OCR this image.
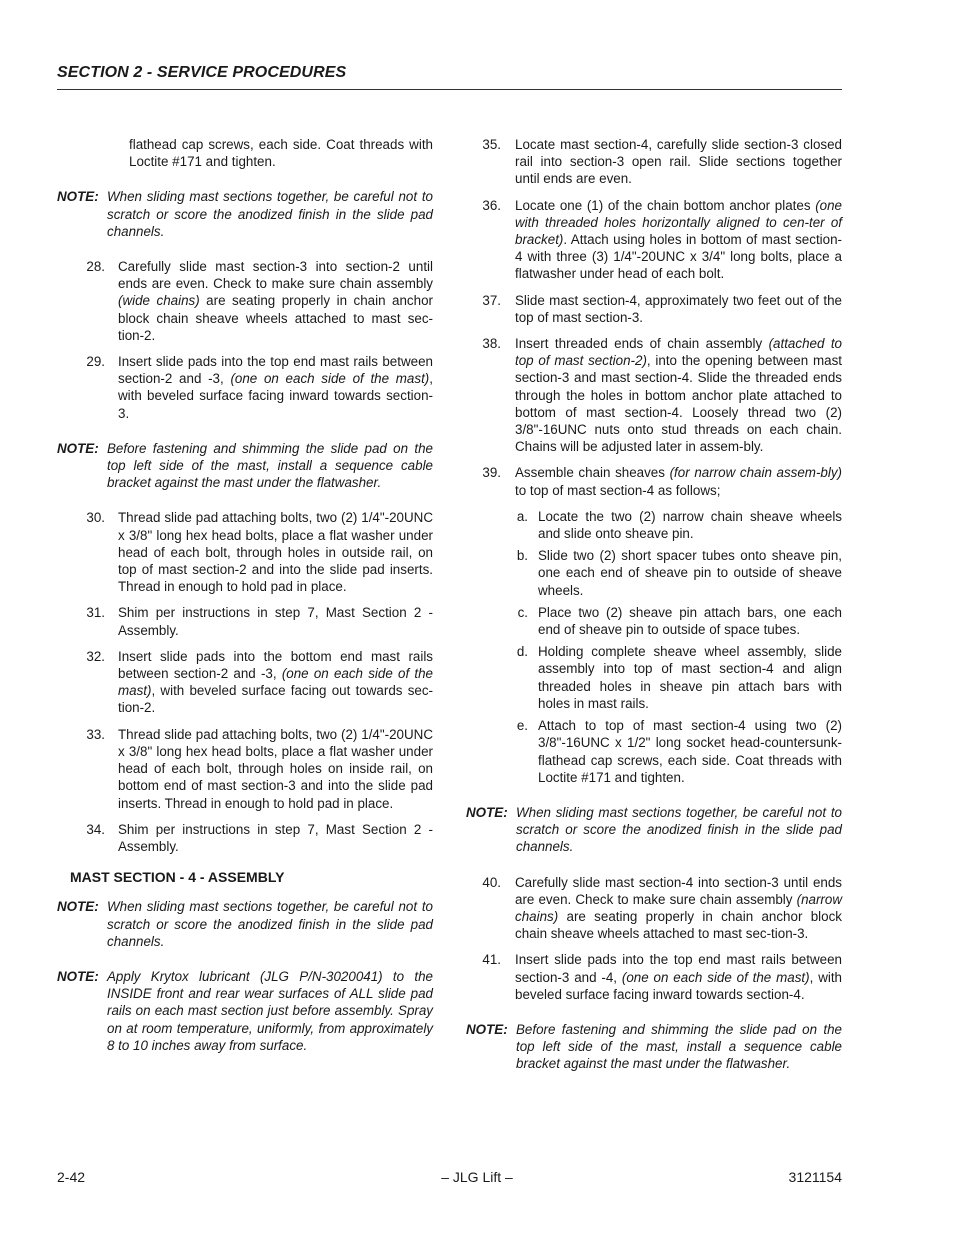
SECTION 2 - SERVICE PROCEDURES

flathead cap screws, each side. Coat threads with Loctite #171 and tighten.

NOTE: When sliding mast sections together, be careful not to scratch or score the anodized finish in the slide pad channels.
28. Carefully slide mast section-3 into section-2 until ends are even. Check to make sure chain assembly (wide chains) are seating properly in chain anchor block chain sheave wheels attached to mast sec-tion-2.
29. Insert slide pads into the top end mast rails between section-2 and -3, (one on each side of the mast), with beveled surface facing inward towards section-3.
NOTE: Before fastening and shimming the slide pad on the top left side of the mast, install a sequence cable bracket against the mast under the flatwasher.
30. Thread slide pad attaching bolts, two (2) 1/4"-20UNC x 3/8" long hex head bolts, place a flat washer under head of each bolt, through holes in outside rail, on top of mast section-2 and into the slide pad inserts. Thread in enough to hold pad in place.
31. Shim per instructions in step 7, Mast Section 2 - Assembly.
32. Insert slide pads into the bottom end mast rails between section-2 and -3, (one on each side of the mast), with beveled surface facing out towards sec-tion-2.
33. Thread slide pad attaching bolts, two (2) 1/4"-20UNC x 3/8" long hex head bolts, place a flat washer under head of each bolt, through holes on inside rail, on bottom end of mast section-3 and into the slide pad inserts. Thread in enough to hold pad in place.
34. Shim per instructions in step 7, Mast Section 2 - Assembly.
MAST SECTION - 4 - ASSEMBLY
NOTE: When sliding mast sections together, be careful not to scratch or score the anodized finish in the slide pad channels.
NOTE: Apply Krytox lubricant (JLG P/N-3020041) to the INSIDE front and rear wear surfaces of ALL slide pad rails on each mast section just before assembly. Spray on at room temperature, uniformly, from approximately 8 to 10 inches away from surface.
35.	Locate mast section-4, carefully slide section-3 closed rail into section-3 open rail. Slide sections together until ends are even.
36.	Locate one (1) of the chain bottom anchor plates (one with threaded holes horizontally aligned to cen-ter of bracket). Attach using holes in bottom of mast section-4 with three (3) 1/4"-20UNC x 3/4" long bolts, place a flatwasher under head of each bolt.
37.	Slide mast section-4, approximately two feet out of the top of mast section-3.
38.	Insert threaded ends of chain assembly (attached to top of mast section-2), into the opening between mast section-3 and mast section-4. Slide the threaded ends through the holes in bottom anchor plate attached to bottom of mast section-4. Loosely thread two (2) 3/8"-16UNC nuts onto stud threads on each chain. Chains will be adjusted later in assem-bly.
39.	Assemble chain sheaves (for narrow chain assem-bly) to top of mast section-4 as follows;
a. Locate the two (2) narrow chain sheave wheels and slide onto sheave pin.
b. Slide two (2) short spacer tubes onto sheave pin, one each end of sheave pin to outside of sheave wheels.
c. Place two (2) sheave pin attach bars, one each end of sheave pin to outside of space tubes.
d. Holding complete sheave wheel assembly, slide assembly into top of mast section-4 and align threaded holes in sheave pin attach bars with holes in mast rails.
e. Attach to top of mast section-4 using two (2) 3/8"-16UNC x 1/2" long socket head-countersunk-flathead cap screws, each side. Coat threads with Loctite #171 and tighten.
NOTE: When sliding mast sections together, be careful not to scratch or score the anodized finish in the slide pad channels.
40.	Carefully slide mast section-4 into section-3 until ends are even. Check to make sure chain assembly (narrow chains) are seating properly in chain anchor block chain sheave wheels attached to mast sec-tion-3.
41.	Insert slide pads into the top end mast rails between section-3 and -4, (one on each side of the mast), with beveled surface facing inward towards section-4.
NOTE: Before fastening and shimming the slide pad on the top left side of the mast, install a sequence cable bracket against the mast under the flatwasher.
2-42	– JLG Lift –	3121154
